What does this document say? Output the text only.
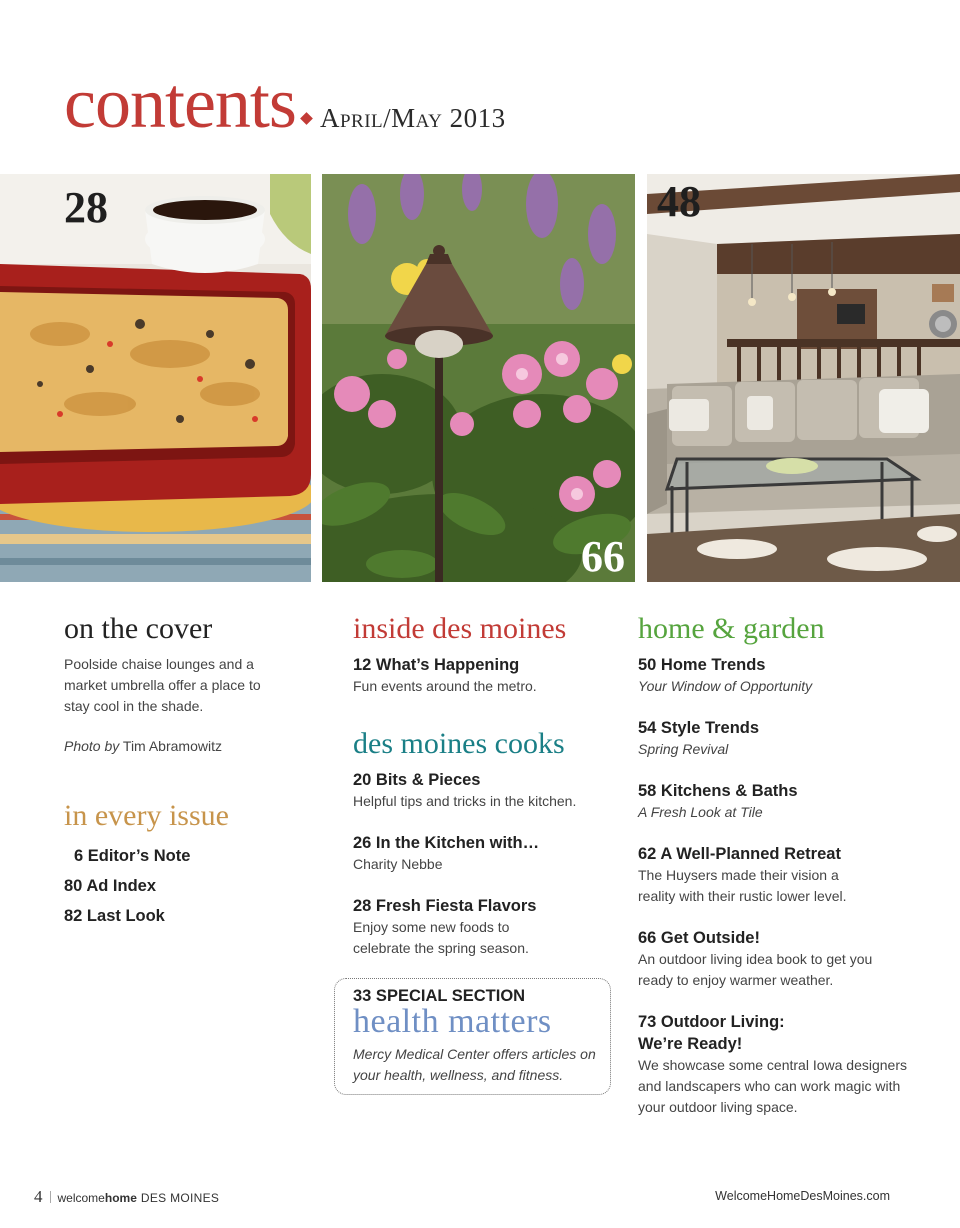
contents April/May 2013
28
66
48
on the cover

Poolside chaise lounges and a market umbrella offer a place to stay cool in the shade.

Photo by Tim Abramowitz

in every issue
6 Editor’s Note
80 Ad Index
82 Last Look
inside des moines

12 What’s Happening

Fun events around the metro.

des moines cooks

20 Bits & Pieces

Helpful tips and tricks in the kitchen.

26 In the Kitchen with…

Charity Nebbe

28 Fresh Fiesta Flavors

Enjoy some new foods to celebrate the spring season.

33 SPECIAL SECTION
health matters
Mercy Medical Center offers articles on your health, wellness, and fitness.
home & garden

50 Home Trends

Your Window of Opportunity

54 Style Trends

Spring Revival

58 Kitchens & Baths

A Fresh Look at Tile

62 A Well-Planned Retreat

The Huysers made their vision a reality with their rustic lower level.

66 Get Outside!

An outdoor living idea book to get you ready to enjoy warmer weather.

73 Outdoor Living: We’re Ready!

We showcase some central Iowa designers and landscapers who can work magic with your outdoor living space.

4 welcomehome DES MOINES	WelcomeHomeDesMoines.com
